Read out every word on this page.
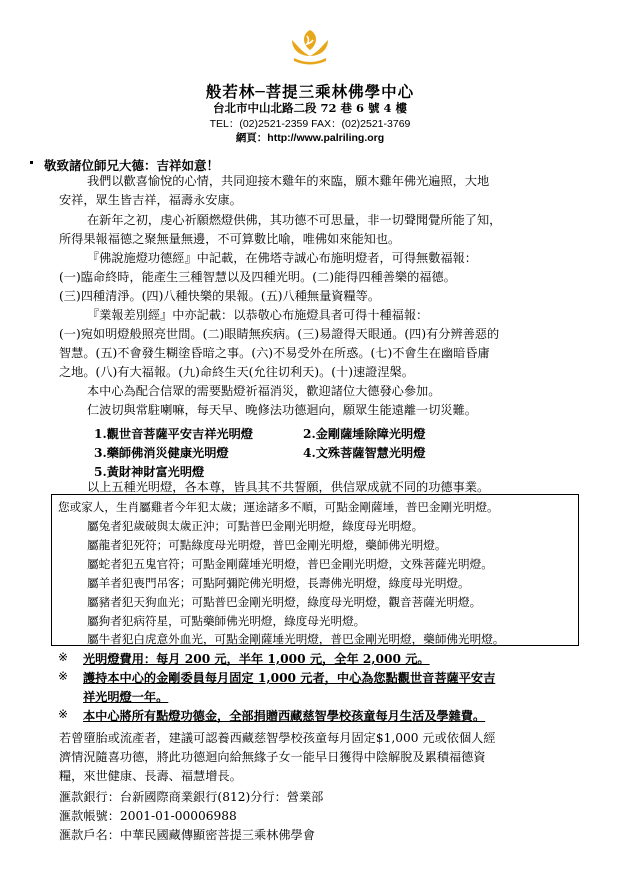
般若林─菩提三乘林佛學中心
台北市中山北路二段 72 巷 6 號 4 樓
TEL：(02)2521-2359 FAX：(02)2521-3769
網頁：http://www.palriling.org
敬致諸位師兄大德：吉祥如意！
我們以歡喜愉悅的心情，共同迎接木雞年的來臨，願木雞年佛光遍照，大地
安祥，眾生皆吉祥，福壽永安康。
在新年之初，虔心祈願燃燈供佛，其功德不可思量，非一切聲聞覺所能了知，
所得果報福德之聚無量無邊，不可算數比喻，唯佛如來能知也。
『佛說施燈功德經』中記載，在佛塔寺誠心布施明燈者，可得無數福報：
(一)臨命終時，能產生三種智慧以及四種光明。(二)能得四種善樂的福德。
(三)四種清淨。(四)八種快樂的果報。(五)八種無量資糧等。
『業報差別經』中亦記載：以恭敬心布施燈具者可得十種福報：
(一)宛如明燈般照亮世間。(二)眼睛無疾病。(三)易證得天眼通。(四)有分辨善惡的
智慧。(五)不會發生糊塗昏暗之事。(六)不易受外在所惑。(七)不會生在幽暗昏庸
之地。(八)有大福報。(九)命終生天(允往切利天)。(十)速證涅槃。
本中心為配合信眾的需要點燈祈福消災，歡迎諸位大德發心參加。
仁波切與常駐喇嘛，每天早、晚修法功德迴向，願眾生能遠離一切災難。
1.觀世音菩薩平安吉祥光明燈	2.金剛薩埵除障光明燈
3.藥師佛消災健康光明燈	4.文殊菩薩智慧光明燈
5.黃財神財富光明燈
以上五種光明燈，各本尊，皆具其不共誓願，供信眾成就不同的功德事業。
您或家人，生肖屬雞者今年犯太歲；運途諸多不順，可點金剛薩埵，普巴金剛光明燈。
屬兔者犯歲破與太歲正沖；可點普巴金剛光明燈，綠度母光明燈。
屬龍者犯死符；可點綠度母光明燈，普巴金剛光明燈，藥師佛光明燈。
屬蛇者犯五鬼官符；可點金剛薩埵光明燈，普巴金剛光明燈，文殊菩薩光明燈。
屬羊者犯喪門吊客；可點阿彌陀佛光明燈，長壽佛光明燈，綠度母光明燈。
屬豬者犯天狗血光；可點普巴金剛光明燈，綠度母光明燈，觀音菩薩光明燈。
屬狗者犯病符星，可點藥師佛光明燈，綠度母光明燈。
屬牛者犯白虎意外血光，可點金剛薩埵光明燈，普巴金剛光明燈，藥師佛光明燈。
※ 光明燈費用：每月 200 元，半年 1,000 元，全年 2,000 元。
※ 護持本中心的金剛委員每月固定 1,000 元者，中心為您點觀世音菩薩平安吉
祥光明燈一年。
※ 本中心將所有點燈功德金，全部捐贈西藏慈智學校孩童每月生活及學雜費。
若曾墮胎或流產者，建議可認養西藏慈智學校孩童每月固定$1,000 元或依個人經
濟情況隨喜功德，將此功德迴向給無緣子女一能早日獲得中陰解脫及累積福德資
糧，來世健康、長壽、福慧增長。
滙款銀行：台新國際商業銀行(812)分行：營業部
滙款帳號：2001-01-00006988
滙款戶名：中華民國藏傳顯密菩提三乘林佛學會
